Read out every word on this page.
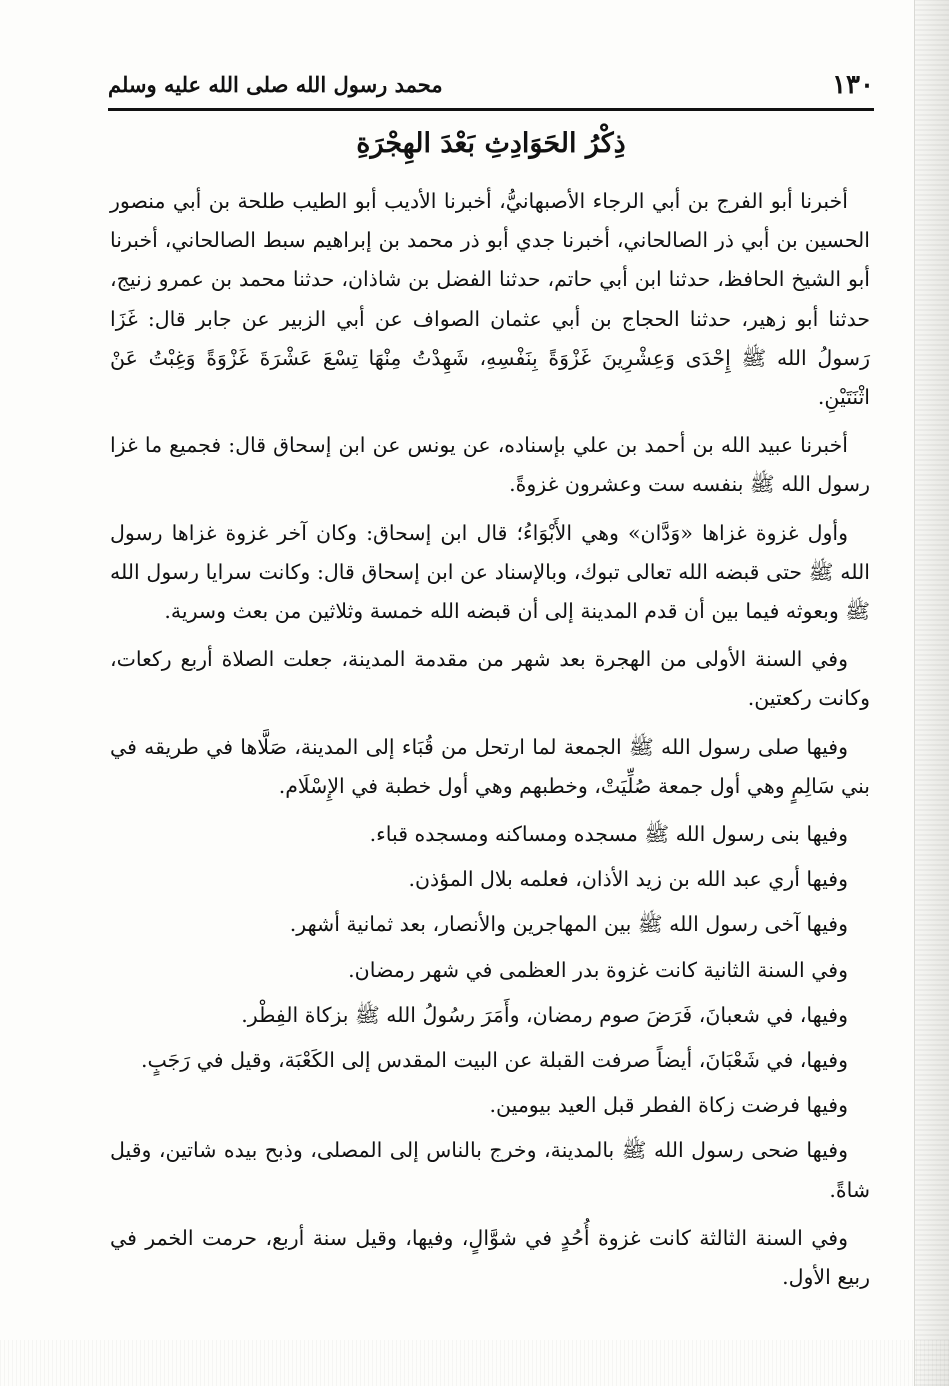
١٣٠
محمد رسول الله صلى الله عليه وسلم
ذِكْرُ الحَوَادِثِ بَعْدَ الهِجْرَةِ

أخبرنا أبو الفرج بن أبي الرجاء الأصبهانيُّ، أخبرنا الأديب أبو الطيب طلحة بن أبي منصور الحسين بن أبي ذر الصالحاني، أخبرنا جدي أبو ذر محمد بن إبراهيم سبط الصالحاني، أخبرنا أبو الشيخ الحافظ، حدثنا ابن أبي حاتم، حدثنا الفضل بن شاذان، حدثنا محمد بن عمرو زنيج، حدثنا أبو زهير، حدثنا الحجاج بن أبي عثمان الصواف عن أبي الزبير عن جابر قال: غَزَا رَسولُ الله ﷺ إِحْدَى وَعِشْرِينَ غَزْوَةً بِنَفْسِهِ، شَهِدْتُ مِنْهَا تِسْعَ عَشْرَةَ غَزْوَةً وَغِبْتُ عَنْ اثْنَتَيْنِ.

أخبرنا عبيد الله بن أحمد بن علي بإسناده، عن يونس عن ابن إسحاق قال: فجميع ما غزا رسول الله ﷺ بنفسه ست وعشرون غزوةً.

وأول غزوة غزاها «وَدَّان» وهي الأَبْوَاءُ؛ قال ابن إسحاق: وكان آخر غزوة غزاها رسول الله ﷺ حتى قبضه الله تعالى تبوك، وبالإسناد عن ابن إسحاق قال: وكانت سرايا رسول الله ﷺ وبعوثه فيما بين أن قدم المدينة إلى أن قبضه الله خمسة وثلاثين من بعث وسرية.

وفي السنة الأولى من الهجرة بعد شهر من مقدمة المدينة، جعلت الصلاة أربع ركعات، وكانت ركعتين.

وفيها صلى رسول الله ﷺ الجمعة لما ارتحل من قُبَاء إلى المدينة، صَلَّاها في طريقه في بني سَالِمٍ وهي أول جمعة صُلِّيَتْ، وخطبهم وهي أول خطبة في الإِسْلَام.

وفيها بنى رسول الله ﷺ مسجده ومساكنه ومسجده قباء.

وفيها أري عبد الله بن زيد الأذان، فعلمه بلال المؤذن.

وفيها آخى رسول الله ﷺ بين المهاجرين والأنصار، بعد ثمانية أشهر.

وفي السنة الثانية كانت غزوة بدر العظمى في شهر رمضان.

وفيها، في شعبانَ، فَرَضَ صوم رمضان، وأَمَرَ رسُولُ الله ﷺ بزكاة الفِطْر.

وفيها، في شَعْبَانَ، أيضاً صرفت القبلة عن البيت المقدس إلى الكَعْبَة، وقيل في رَجَبٍ.

وفيها فرضت زكاة الفطر قبل العيد بيومين.

وفيها ضحى رسول الله ﷺ بالمدينة، وخرج بالناس إلى المصلى، وذبح بيده شاتين، وقيل شاةً.

وفي السنة الثالثة كانت غزوة أُحُدٍ في شوَّالٍ، وفيها، وقيل سنة أربع، حرمت الخمر في ربيع الأول.
